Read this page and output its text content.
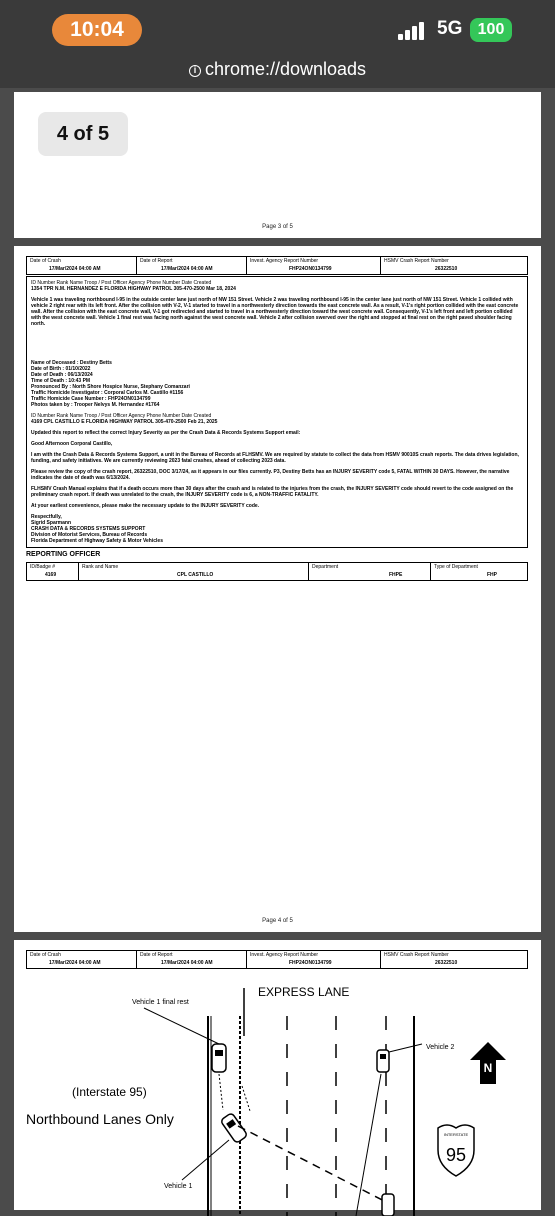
10:04	5G 100
i chrome://downloads
4 of 5
Page 3 of 5
Date of Crash
17/Mar/2024 04:00 AM
Date of Report
17/Mar/2024 04:00 AM
Invest. Agency Report Number
FHP24ON0134799
HSMV Crash Report Number
26322510

ID Number Rank Name Troop / Post Officer Agency Phone Number Date Created

1354 TPR N.M. HERNANDEZ E FLORIDA HIGHWAY PATROL 305-470-2500 Mar 18, 2024

Vehicle 1 was traveling northbound I-95 in the outside center lane just north of NW 151 Street. Vehicle 2 was traveling northbound I-95 in the center lane just north of NW 151 Street. Vehicle 1 collided with vehicle 2 right rear with its left front. After the collision with V-2, V-1 started to travel in a northwesterly direction towards the east concrete wall. As a result, V-1's right portion collided with the east concrete wall. After the collision with the east concrete wall, V-1 got redirected and started to travel in a northwesterly direction toward the west concrete wall. Consequently, V-1's left front and left portion collided with the west concrete wall. Vehicle 1 final rest was facing north against the west concrete wall. Vehicle 2 after collision swerved over the right and stopped at final rest on the right paved shoulder facing north.

Name of Deceased : Destiny Betts
Date of Birth : 01/10/2022
Date of Death : 06/13/2024
Time of Death : 10:43 PM
Pronounced By : North Shore Hospice Nurse, Stephany Comanzari
Traffic Homicide Investigator : Corporal Carlos M. Castillo #1156
Traffic Homicide Case Number : FHP24ON0134799
Photos taken by : Trooper Nelvys M. Hernandez #1764

ID Number Rank Name Troop / Post Officer Agency Phone Number Date Created

4169 CPL CASTILLO E FLORIDA HIGHWAY PATROL 305-470-2500 Feb 21, 2025

Updated this report to reflect the correct Injury Severity as per the Crash Data & Records Systems Support email:

Good Afternoon Corporal Castillo,

I am with the Crash Data & Records Systems Support, a unit in the Bureau of Records at FLHSMV. We are required by statute to collect the data from HSMV 90010S crash reports. The data drives legislation, funding, and safety initiatives. We are currently reviewing 2023 fatal crashes, ahead of collecting 2023 data.

Please review the copy of the crash report, 26322510, DOC 3/17/24, as it appears in our files currently. P3, Destiny Betts has an INJURY SEVERITY code 5, FATAL WITHIN 30 DAYS. However, the narrative indicates the date of death was 6/13/2024.

FLHSMV Crash Manual explains that if a death occurs more than 30 days after the crash and is related to the injuries from the crash, the INJURY SEVERITY code should revert to the code assigned on the preliminary crash report. If death was unrelated to the crash, the INJURY SEVERITY code is 6, a NON-TRAFFIC FATALITY.

At your earliest convenience, please make the necessary update to the INJURY SEVERITY code.

Respectfully,
Sigrid Sparmann
CRASH DATA & RECORDS SYSTEMS SUPPORT
Division of Motorist Services, Bureau of Records
Florida Department of Highway Safety & Motor Vehicles
REPORTING OFFICER
ID/Badge #
4169
Rank and Name
CPL CASTILLO
Department
FHPE
Type of Department
FHP
Page 4 of 5
Date of Crash
17/Mar/2024 04:00 AM
Date of Report
17/Mar/2024 04:00 AM
Invest. Agency Report Number
FHP24ON0134799
HSMV Crash Report Number
26322510
EXPRESS LANE
Vehicle 1 final rest
Vehicle 1
Vehicle 2
(Interstate 95)
Northbound Lanes Only
N
INTERSTATE
95
